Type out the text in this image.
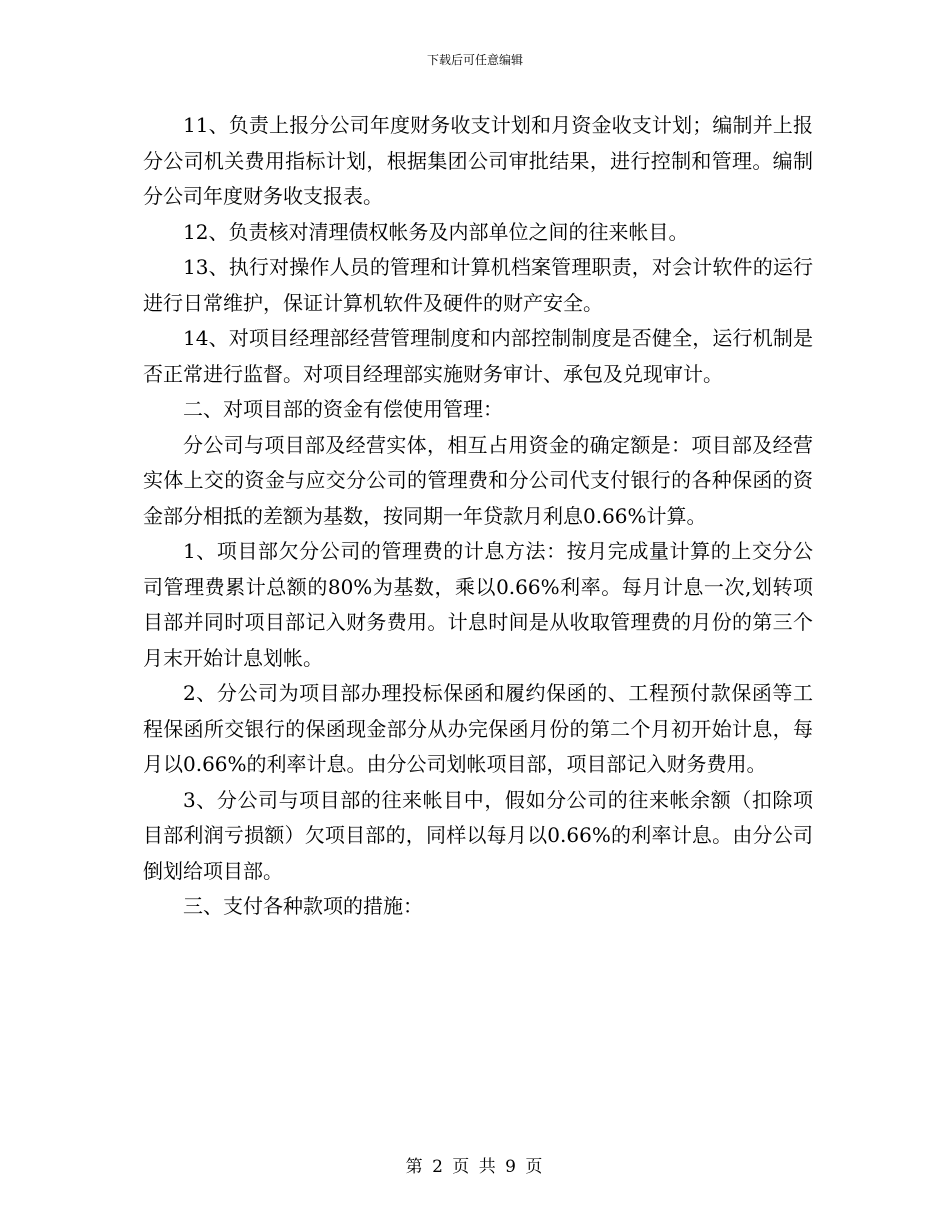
下载后可任意编辑

11、负责上报分公司年度财务收支计划和月资金收支计划；编制并上报分公司机关费用指标计划，根据集团公司审批结果，进行控制和管理。编制分公司年度财务收支报表。

12、负责核对清理债权帐务及内部单位之间的往来帐目。

13、执行对操作人员的管理和计算机档案管理职责，对会计软件的运行进行日常维护，保证计算机软件及硬件的财产安全。

14、对项目经理部经营管理制度和内部控制制度是否健全，运行机制是否正常进行监督。对项目经理部实施财务审计、承包及兑现审计。

二、对项目部的资金有偿使用管理：

分公司与项目部及经营实体，相互占用资金的确定额是：项目部及经营实体上交的资金与应交分公司的管理费和分公司代支付银行的各种保函的资金部分相抵的差额为基数，按同期一年贷款月利息0.66%计算。

1、项目部欠分公司的管理费的计息方法：按月完成量计算的上交分公司管理费累计总额的80%为基数，乘以0.66%利率。每月计息一次,划转项目部并同时项目部记入财务费用。计息时间是从收取管理费的月份的第三个月末开始计息划帐。

2、分公司为项目部办理投标保函和履约保函的、工程预付款保函等工程保函所交银行的保函现金部分从办完保函月份的第二个月初开始计息，每月以0.66%的利率计息。由分公司划帐项目部，项目部记入财务费用。

3、分公司与项目部的往来帐目中，假如分公司的往来帐余额（扣除项目部利润亏损额）欠项目部的，同样以每月以0.66%的利率计息。由分公司倒划给项目部。

三、支付各种款项的措施：

第 2 页 共 9 页
